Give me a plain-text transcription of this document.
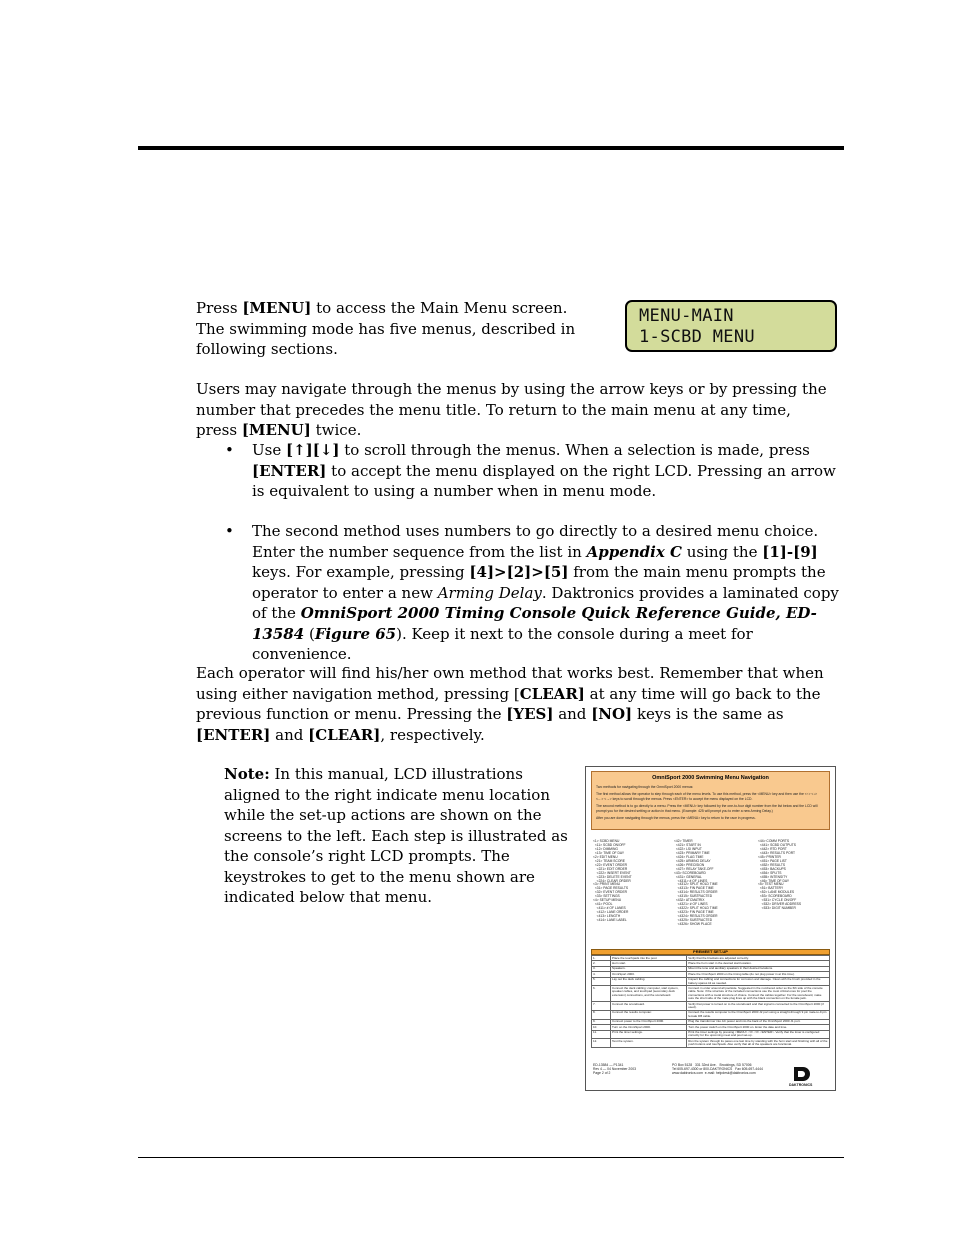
MENU-MAIN
1-SCBD MENU

Press [MENU] to access the Main Menu screen.
The swimming mode has five menus, described in
following sections.

Users may navigate through the menus by using the arrow keys or by pressing the number that precedes the menu title. To return to the main menu at any time, press [MENU] twice.

• Use [↑][↓] to scroll through the menus. When a selection is made, press [ENTER] to accept the menu displayed on the right LCD. Pressing an arrow is equivalent to using a number when in menu mode.

• The second method uses numbers to go directly to a desired menu choice. Enter the number sequence from the list in Appendix C using the [1]-[9] keys. For example, pressing [4]>[2]>[5] from the main menu prompts the operator to enter a new Arming Delay. Daktronics provides a laminated copy of the OmniSport 2000 Timing Console Quick Reference Guide, ED-13584 (Figure 65). Keep it next to the console during a meet for convenience.

Each operator will find his/her own method that works best. Remember that when using either navigation method, pressing [CLEAR] at any time will go back to the previous function or menu. Pressing the [YES] and [NO] keys is the same as [ENTER] and [CLEAR], respectively.

Note: In this manual, LCD illustrations aligned to the right indicate menu location while the set-up actions are shown on the screens to the left. Each step is illustrated as the console’s right LCD prompts. The keystrokes to get to the menu shown are indicated below that menu.

OmniSport 2000 Swimming Menu Navigation
Two methods for navigating through the OmniSport 2000 menus:
The first method allows the operator to step through each of the menu levels. To use this method, press the <MENU> key and then use the <↑> <↓>
<←> <→> keys to scroll through the menus. Press <ENTER> to accept the menu displayed on the LCD.
The second method is to go directly to a menu. Press the <MENU> key followed by the one-to-four digit number from the list below and the LCD will
prompt you for the desired setting or action in that menu. (Example: 425 will prompt you to enter a new Arming Delay.)
After you are done navigating through the menus, press the <MENU> key to return to the race in progress.
<1> SCBD MENU
<11> SCBD ON/OFF
<12> DIMMING
<13> TIME OF DAY
<2> EDIT MENU
<21> TEAM SCORE
<22> EVENT ORDER
<221> EDIT ORDER
<222> INSERT EVENT
<223> DELETE EVENT
<224> CLEAR ORDER
<3> PRINT MENU
<31> PAGE RESULTS
<32> EVENT ORDER
<33> SETTINGS
<4> SETUP MENU
<41> POOL
<411> # OF LANES
<412> LANE ORDER
<413> LENGTH
<414> LANE LABEL
<42> TIMER
<421> START IN
<422> LSI INPUT
<423> PRIMARY TIME
<424> FLAG TIME
<425> ARMING DELAY
<426> PRECISION
<427> RELAY TAKE-OFF
<43> SCOREBOARD
<431> GENERAL
<4311> # OF LINES
<4312> SPLIT HOLD TIME
<4313> FIN PAGE TIME
<4314> RESULTS ORDER
<4315> SUBTRACTED
<432> ATCMATRIX
<4321> # OF LINES
<4322> SPLIT HOLD TIME
<4323> FIN PAGE TIME
<4324> RESULTS ORDER
<4325> SUBTRACTED
<4326> SHOW PLACE
<44> COMM PORTS
<441> SCBD OUTPUTS
<442> RTD PORT
<443> RESULTS PORT
<45> PRINTER
<451> PAGE LIST
<452> RESULTS
<453> BACKUPS
<454> SPLITS
<455> INTENSITY
<46> TIME OF DAY
<5> TEST MENU
<51> BATTERY
<52> LANE MODULES
<53> SCOREBOARD
<531> CYCLE ON/OFF
<532> DRIVER ADDRESS
<533> DIGIT NUMBER
PREMEET SET-UP
1.	Place the touchpads into the pool.	Verify that the brackets are adjusted correctly.
2.	Horn start.	Place the horn start in the desired start location.
3.	Speakers.	Mount the tone and auxiliary speakers in their desired locations.
4.	OmniSport 2000.	Place the OmniSport 2000 on the timing table (do not plug power in at this time).
5.	Lay out the deck cabling.	Inspect the cabling and connections for corrosion and damage. Clean with the brush provided in the battery-spares kit as needed.
6.	Connect the deck cabling: computer, start system, speaker cables, and touchpad (secondary deck extension) connections, and the scoreboard.	Connect in order around all poolside. Suggested in the numbered order so the 6th side of the console cable. Note: if the structure of the included connections use the most critical ones for pool the connections with a metal structure of choice. Connect the cables together. For the scoreboard, make sure the short side of the male plug lines up with the black connection on the female jack.
7.	Connect the scoreboard.	Verify that power is turned on to the scoreboard and that signal is connected to the OmniSport 2000 (if used).
8.	Connect the results computer.	Connect the results computer to the OmniSport 2000 J2 port using a straight-through 9 pin male-to-9 pin female DB cable.
9.	Connect power to the OmniSport 2000.	Plug the transformer into AC power and into the back of the OmniSport 2000 J1 port.
10.	Turn on the OmniSport 2000.	Turn the power switch on the OmniSport 2000 on. Enter the date and time.
11.	Print the timer settings.	Print the timer settings by pressing <MENU> <3> <3> <ENTER>. Verify that the timer is configured correctly for the upcoming meet and pool set-up.
12.	Test the system.	Run the system through its paces one last time by standing with the horn start and finishing with all of the push buttons and touchpads. Also verify that all of the speakers are functional.
ED-13584 — P1341
Rev 4 — 04 November 2003
Page 2 of 2
PO Box 5128   331 32nd Ave.   Brookings, SD 57006
Tel 605-697-4300 or 800-DAKTRONICS   Fax 605-697-4444
www.daktronics.com  e-mail: helpdesk@daktronics.com
DAKTRONICS
